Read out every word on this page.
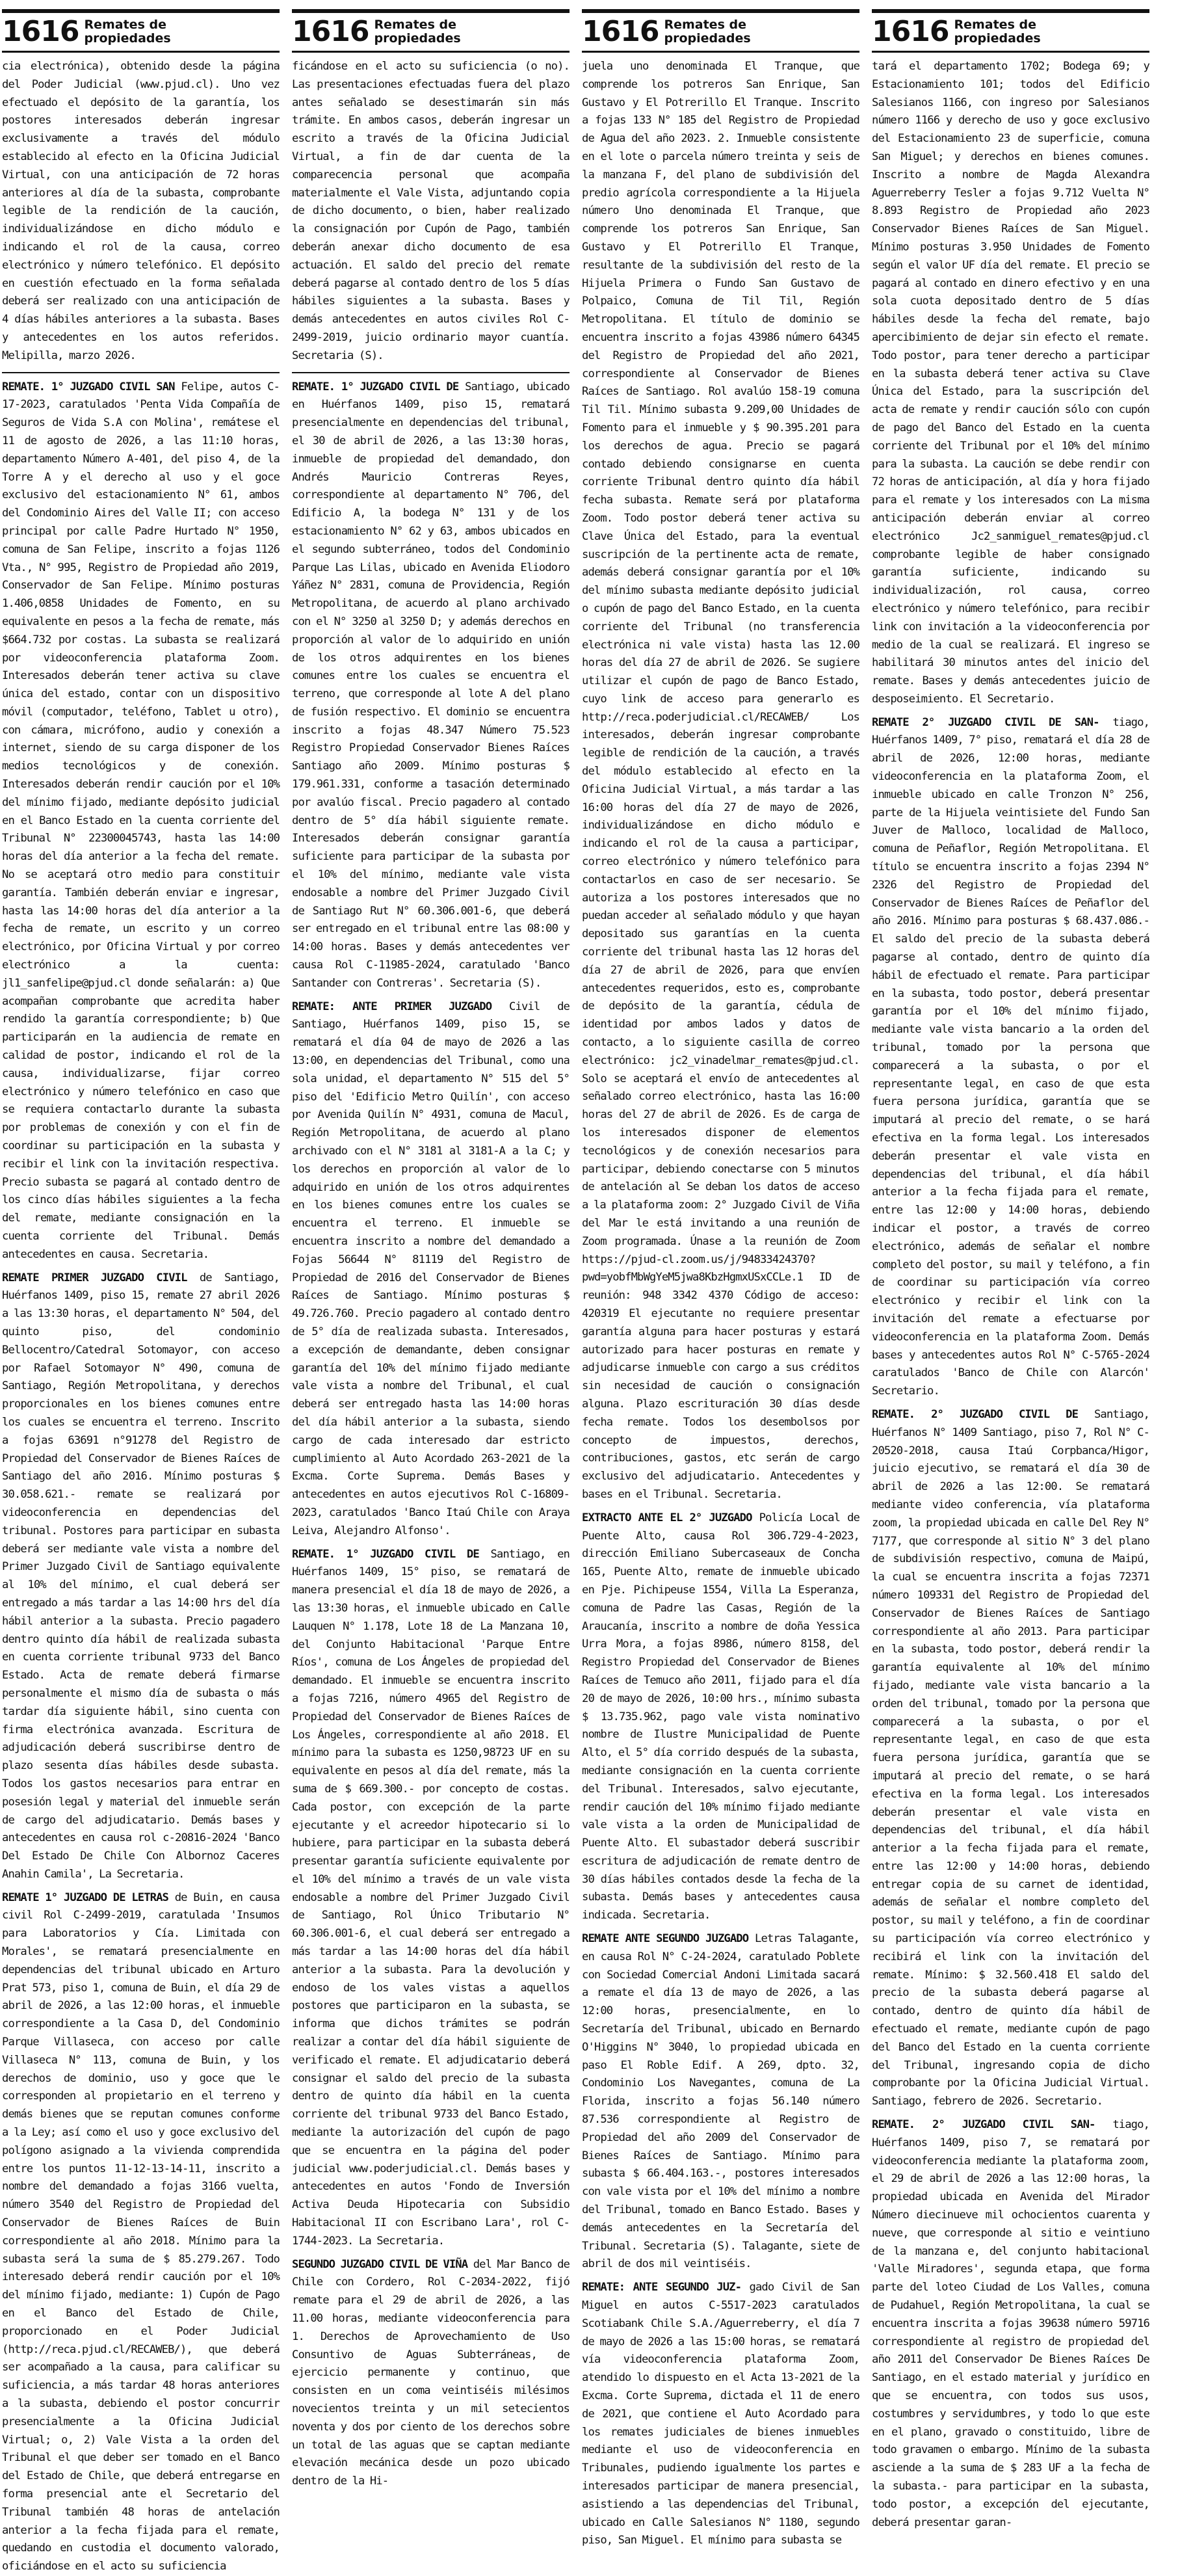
1616 Remates de
propiedades

cia electrónica), obtenido desde la página del Poder Judicial (www.pjud.cl). Uno vez efectuado el depósito de la garantía, los postores interesados deberán ingresar exclusivamente a través del módulo establecido al efecto en la Oficina Judicial Virtual, con una anticipación de 72 horas anteriores al día de la subasta, comprobante legible de la rendición de la caución, individualizándose en dicho módulo e indicando el rol de la causa, correo electrónico y número telefónico. El depósito en cuestión efectuado en la forma señalada deberá ser realizado con una anticipación de 4 días hábiles anteriores a la subasta. Bases y antecedentes en los autos referidos. Melipilla, marzo 2026.

REMATE. 1° JUZGADO CIVIL SAN Felipe, autos C-17-2023, caratulados 'Penta Vida Compañía de Seguros de Vida S.A con Molina', remátese el 11 de agosto de 2026, a las 11:10 horas, departamento Número A-401, del piso 4, de la Torre A y el derecho al uso y el goce exclusivo del estacionamiento N° 61, ambos del Condominio Aires del Valle II; con acceso principal por calle Padre Hurtado N° 1950, comuna de San Felipe, inscrito a fojas 1126 Vta., N° 995, Registro de Propiedad año 2019, Conservador de San Felipe. Mínimo posturas 1.406,0858 Unidades de Fomento, en su equivalente en pesos a la fecha de remate, más $664.732 por costas. La subasta se realizará por videoconferencia plataforma Zoom. Interesados deberán tener activa su clave única del estado, contar con un dispositivo móvil (computador, teléfono, Tablet u otro), con cámara, micrófono, audio y conexión a internet, siendo de su carga disponer de los medios tecnológicos y de conexión. Interesados deberán rendir caución por el 10% del mínimo fijado, mediante depósito judicial en el Banco Estado en la cuenta corriente del Tribunal N° 22300045743, hasta las 14:00 horas del día anterior a la fecha del remate. No se aceptará otro medio para constituir garantía. También deberán enviar e ingresar, hasta las 14:00 horas del día anterior a la fecha de remate, un escrito y un correo electrónico, por Oficina Virtual y por correo electrónico a la cuenta: jl1_sanfelipe@pjud.cl donde señalarán: a) Que acompañan comprobante que acredita haber rendido la garantía correspondiente; b) Que participarán en la audiencia de remate en calidad de postor, indicando el rol de la causa, individualizarse, fijar correo electrónico y número telefónico en caso que se requiera contactarlo durante la subasta por problemas de conexión y con el fin de coordinar su participación en la subasta y recibir el link con la invitación respectiva. Precio subasta se pagará al contado dentro de los cinco días hábiles siguientes a la fecha del remate, mediante consignación en la cuenta corriente del Tribunal. Demás antecedentes en causa. Secretaria.

REMATE PRIMER JUZGADO CIVIL de Santiago, Huérfanos 1409, piso 15, remate 27 abril 2026 a las 13:30 horas, el departamento N° 504, del quinto piso, del condominio Bellocentro/Catedral Sotomayor, con acceso por Rafael Sotomayor N° 490, comuna de Santiago, Región Metropolitana, y derechos proporcionales en los bienes comunes entre los cuales se encuentra el terreno. Inscrito a fojas 63691 n°91278 del Registro de Propiedad del Conservador de Bienes Raíces de Santiago del año 2016. Mínimo posturas $ 30.058.621.- remate se realizará por videoconferencia en dependencias del tribunal. Postores para participar en subasta deberá ser mediante vale vista a nombre del Primer Juzgado Civil de Santiago equivalente al 10% del mínimo, el cual deberá ser entregado a más tardar a las 14:00 hrs del día hábil anterior a la subasta. Precio pagadero dentro quinto día hábil de realizada subasta en cuenta corriente tribunal 9733 del Banco Estado. Acta de remate deberá firmarse personalmente el mismo día de subasta o más tardar día siguiente hábil, sino cuenta con firma electrónica avanzada. Escritura de adjudicación deberá suscribirse dentro de plazo sesenta días hábiles desde subasta. Todos los gastos necesarios para entrar en posesión legal y material del inmueble serán de cargo del adjudicatario. Demás bases y antecedentes en causa rol c-20816-2024 'Banco Del Estado De Chile Con Albornoz Caceres Anahin Camila', La Secretaria.

REMATE 1° JUZGADO DE LETRAS de Buin, en causa civil Rol C-2499-2019, caratulada 'Insumos para Laboratorios y Cía. Limitada con Morales', se rematará presencialmente en dependencias del tribunal ubicado en Arturo Prat 573, piso 1, comuna de Buin, el día 29 de abril de 2026, a las 12:00 horas, el inmueble correspondiente a la Casa D, del Condominio Parque Villaseca, con acceso por calle Villaseca N° 113, comuna de Buin, y los derechos de dominio, uso y goce que le corresponden al propietario en el terreno y demás bienes que se reputan comunes conforme a la Ley; así como el uso y goce exclusivo del polígono asignado a la vivienda comprendida entre los puntos 11-12-13-14-11, inscrito a nombre del demandado a fojas 3166 vuelta, número 3540 del Registro de Propiedad del Conservador de Bienes Raíces de Buin correspondiente al año 2018. Mínimo para la subasta será la suma de $ 85.279.267. Todo interesado deberá rendir caución por el 10% del mínimo fijado, mediante: 1) Cupón de Pago en el Banco del Estado de Chile, proporcionado en el Poder Judicial (http://reca.pjud.cl/RECAWEB/), que deberá ser acompañado a la causa, para calificar su suficiencia, a más tardar 48 horas anteriores a la subasta, debiendo el postor concurrir presencialmente a la Oficina Judicial Virtual; o, 2) Vale Vista a la orden del Tribunal el que deber ser tomado en el Banco del Estado de Chile, que deberá entregarse en forma presencial ante el Secretario del Tribunal también 48 horas de antelación anterior a la fecha fijada para el remate, quedando en custodia el documento valorado, oficiándose en el acto su suficiencia

1616 Remates de
propiedades

ficándose en el acto su suficiencia (o no). Las presentaciones efectuadas fuera del plazo antes señalado se desestimarán sin más trámite. En ambos casos, deberán ingresar un escrito a través de la Oficina Judicial Virtual, a fin de dar cuenta de la comparecencia personal que acompaña materialmente el Vale Vista, adjuntando copia de dicho documento, o bien, haber realizado la consignación por Cupón de Pago, también deberán anexar dicho documento de esa actuación. El saldo del precio del remate deberá pagarse al contado dentro de los 5 días hábiles siguientes a la subasta. Bases y demás antecedentes en autos civiles Rol C-2499-2019, juicio ordinario mayor cuantía. Secretaria (S).

REMATE. 1° JUZGADO CIVIL DE Santiago, ubicado en Huérfanos 1409, piso 15, rematará presencialmente en dependencias del tribunal, el 30 de abril de 2026, a las 13:30 horas, inmueble de propiedad del demandado, don Andrés Mauricio Contreras Reyes, correspondiente al departamento N° 706, del Edificio A, la bodega N° 131 y de los estacionamiento N° 62 y 63, ambos ubicados en el segundo subterráneo, todos del Condominio Parque Las Lilas, ubicado en Avenida Eliodoro Yáñez N° 2831, comuna de Providencia, Región Metropolitana, de acuerdo al plano archivado con el N° 3250 al 3250 D; y además derechos en proporción al valor de lo adquirido en unión de los otros adquirentes en los bienes comunes entre los cuales se encuentra el terreno, que corresponde al lote A del plano de fusión respectivo. El dominio se encuentra inscrito a fojas 48.347 Número 75.523 Registro Propiedad Conservador Bienes Raíces Santiago año 2009. Mínimo posturas $ 179.961.331, conforme a tasación determinado por avalúo fiscal. Precio pagadero al contado dentro de 5° día hábil siguiente remate. Interesados deberán consignar garantía suficiente para participar de la subasta por el 10% del mínimo, mediante vale vista endosable a nombre del Primer Juzgado Civil de Santiago Rut N° 60.306.001-6, que deberá ser entregado en el tribunal entre las 08:00 y 14:00 horas. Bases y demás antecedentes ver causa Rol C-11985-2024, caratulado 'Banco Santander con Contreras'. Secretaria (S).

REMATE: ANTE PRIMER JUZGADO Civil de Santiago, Huérfanos 1409, piso 15, se rematará el día 04 de mayo de 2026 a las 13:00, en dependencias del Tribunal, como una sola unidad, el departamento N° 515 del 5° piso del 'Edificio Metro Quilín', con acceso por Avenida Quilín N° 4931, comuna de Macul, Región Metropolitana, de acuerdo al plano archivado con el N° 3181 al 3181-A a la C; y los derechos en proporción al valor de lo adquirido en unión de los otros adquirentes en los bienes comunes entre los cuales se encuentra el terreno. El inmueble se encuentra inscrito a nombre del demandado a Fojas 56644 N° 81119 del Registro de Propiedad de 2016 del Conservador de Bienes Raíces de Santiago. Mínimo posturas $ 49.726.760. Precio pagadero al contado dentro de 5° día de realizada subasta. Interesados, a excepción de demandante, deben consignar garantía del 10% del mínimo fijado mediante vale vista a nombre del Tribunal, el cual deberá ser entregado hasta las 14:00 horas del día hábil anterior a la subasta, siendo cargo de cada interesado dar estricto cumplimiento al Auto Acordado 263-2021 de la Excma. Corte Suprema. Demás Bases y antecedentes en autos ejecutivos Rol C-16809-2023, caratulados 'Banco Itaú Chile con Araya Leiva, Alejandro Alfonso'.

REMATE. 1° JUZGADO CIVIL DE Santiago, en Huérfanos 1409, 15° piso, se rematará de manera presencial el día 18 de mayo de 2026, a las 13:30 horas, el inmueble ubicado en Calle Lauquen N° 1.178, Lote 18 de La Manzana 10, del Conjunto Habitacional 'Parque Entre Ríos', comuna de Los Ángeles de propiedad del demandado. El inmueble se encuentra inscrito a fojas 7216, número 4965 del Registro de Propiedad del Conservador de Bienes Raíces de Los Ángeles, correspondiente al año 2018. El mínimo para la subasta es 1250,98723 UF en su equivalente en pesos al día del remate, más la suma de $ 669.300.- por concepto de costas. Cada postor, con excepción de la parte ejecutante y el acreedor hipotecario si lo hubiere, para participar en la subasta deberá presentar garantía suficiente equivalente por el 10% del mínimo a través de un vale vista endosable a nombre del Primer Juzgado Civil de Santiago, Rol Único Tributario N° 60.306.001-6, el cual deberá ser entregado a más tardar a las 14:00 horas del día hábil anterior a la subasta. Para la devolución y endoso de los vales vistas a aquellos postores que participaron en la subasta, se informa que dichos trámites se podrán realizar a contar del día hábil siguiente de verificado el remate. El adjudicatario deberá consignar el saldo del precio de la subasta dentro de quinto día hábil en la cuenta corriente del tribunal 9733 del Banco Estado, mediante la autorización del cupón de pago que se encuentra en la página del poder judicial www.poderjudicial.cl. Demás bases y antecedentes en autos 'Fondo de Inversión Activa Deuda Hipotecaria con Subsidio Habitacional II con Escribano Lara', rol C-1744-2023. La Secretaria.

SEGUNDO JUZGADO CIVIL DE VIÑA del Mar Banco de Chile con Cordero, Rol C-2034-2022, fijó remate para el 29 de abril de 2026, a las 11.00 horas, mediante videoconferencia para 1. Derechos de Aprovechamiento de Uso Consuntivo de Aguas Subterráneas, de ejercicio permanente y continuo, que consisten en un coma veintiséis milésimos novecientos treinta y un mil setecientos noventa y dos por ciento de los derechos sobre un total de las aguas que se captan mediante elevación mecánica desde un pozo ubicado dentro de la Hi-

1616 Remates de
propiedades

juela uno denominada El Tranque, que comprende los potreros San Enrique, San Gustavo y El Potrerillo El Tranque. Inscrito a fojas 133 N° 185 del Registro de Propiedad de Agua del año 2023. 2. Inmueble consistente en el lote o parcela número treinta y seis de la manzana F, del plano de subdivisión del predio agrícola correspondiente a la Hijuela número Uno denominada El Tranque, que comprende los potreros San Enrique, San Gustavo y El Potrerillo El Tranque, resultante de la subdivisión del resto de la Hijuela Primera o Fundo San Gustavo de Polpaico, Comuna de Til Til, Región Metropolitana. El título de dominio se encuentra inscrito a fojas 43986 número 64345 del Registro de Propiedad del año 2021, correspondiente al Conservador de Bienes Raíces de Santiago. Rol avalúo 158-19 comuna Til Til. Mínimo subasta 9.209,00 Unidades de Fomento para el inmueble y $ 90.395.201 para los derechos de agua. Precio se pagará contado debiendo consignarse en cuenta corriente Tribunal dentro quinto día hábil fecha subasta. Remate será por plataforma Zoom. Todo postor deberá tener activa su Clave Única del Estado, para la eventual suscripción de la pertinente acta de remate, además deberá consignar garantía por el 10% del mínimo subasta mediante depósito judicial o cupón de pago del Banco Estado, en la cuenta corriente del Tribunal (no transferencia electrónica ni vale vista) hasta las 12.00 horas del día 27 de abril de 2026. Se sugiere utilizar el cupón de pago de Banco Estado, cuyo link de acceso para generarlo es http://reca.poderjudicial.cl/RECAWEB/ Los interesados, deberán ingresar comprobante legible de rendición de la caución, a través del módulo establecido al efecto en la Oficina Judicial Virtual, a más tardar a las 16:00 horas del día 27 de mayo de 2026, individualizándose en dicho módulo e indicando el rol de la causa a participar, correo electrónico y número telefónico para contactarlos en caso de ser necesario. Se autoriza a los postores interesados que no puedan acceder al señalado módulo y que hayan depositado sus garantías en la cuenta corriente del tribunal hasta las 12 horas del día 27 de abril de 2026, para que envíen antecedentes requeridos, esto es, comprobante de depósito de la garantía, cédula de identidad por ambos lados y datos de contacto, a lo siguiente casilla de correo electrónico: jc2_vinadelmar_remates@pjud.cl. Solo se aceptará el envío de antecedentes al señalado correo electrónico, hasta las 16:00 horas del 27 de abril de 2026. Es de carga de los interesados disponer de elementos tecnológicos y de conexión necesarios para participar, debiendo conectarse con 5 minutos de antelación al Se deban los datos de acceso a la plataforma zoom: 2° Juzgado Civil de Viña del Mar le está invitando a una reunión de Zoom programada. Únase a la reunión de Zoom https://pjud-cl.zoom.us/j/94833424370?pwd=yobfMbWgYeM5jwa8KbzHgmxUSxCCLe.1 ID de reunión: 948 3342 4370 Código de acceso: 420319 El ejecutante no requiere presentar garantía alguna para hacer posturas y estará autorizado para hacer posturas en remate y adjudicarse inmueble con cargo a sus créditos sin necesidad de caución o consignación alguna. Plazo escrituración 30 días desde fecha remate. Todos los desembolsos por concepto de impuestos, derechos, contribuciones, gastos, etc serán de cargo exclusivo del adjudicatario. Antecedentes y bases en el Tribunal. Secretaria.

EXTRACTO ANTE EL 2° JUZGADO Policía Local de Puente Alto, causa Rol 306.729-4-2023, dirección Emiliano Subercaseaux de Concha 165, Puente Alto, remate de inmueble ubicado en Pje. Pichipeuse 1554, Villa La Esperanza, comuna de Padre las Casas, Región de la Araucanía, inscrito a nombre de doña Yessica Urra Mora, a fojas 8986, número 8158, del Registro Propiedad del Conservador de Bienes Raíces de Temuco año 2011, fijado para el día 20 de mayo de 2026, 10:00 hrs., mínimo subasta $ 13.735.962, pago vale vista nominativo nombre de Ilustre Municipalidad de Puente Alto, el 5° día corrido después de la subasta, mediante consignación en la cuenta corriente del Tribunal. Interesados, salvo ejecutante, rendir caución del 10% mínimo fijado mediante vale vista a la orden de Municipalidad de Puente Alto. El subastador deberá suscribir escritura de adjudicación de remate dentro de 30 días hábiles contados desde la fecha de la subasta. Demás bases y antecedentes causa indicada. Secretaria.

REMATE ANTE SEGUNDO JUZGADO Letras Talagante, en causa Rol N° C-24-2024, caratulado Poblete con Sociedad Comercial Andoni Limitada sacará a remate el día 13 de mayo de 2026, a las 12:00 horas, presencialmente, en lo Secretaría del Tribunal, ubicado en Bernardo O'Higgins N° 3040, lo propiedad ubicada en paso El Roble Edif. A 269, dpto. 32, Condominio Los Navegantes, comuna de La Florida, inscrito a fojas 56.140 número 87.536 correspondiente al Registro de Propiedad del año 2009 del Conservador de Bienes Raíces de Santiago. Mínimo para subasta $ 66.404.163.-, postores interesados con vale vista por el 10% del mínimo a nombre del Tribunal, tomado en Banco Estado. Bases y demás antecedentes en la Secretaría del Tribunal. Secretaria (S). Talagante, siete de abril de dos mil veintiséis.

REMATE: ANTE SEGUNDO JUZ- gado Civil de San Miguel en autos C-5517-2023 caratulados Scotiabank Chile S.A./Aguerreberry, el día 7 de mayo de 2026 a las 15:00 horas, se rematará vía videoconferencia plataforma Zoom, atendido lo dispuesto en el Acta 13-2021 de la Excma. Corte Suprema, dictada el 11 de enero de 2021, que contiene el Auto Acordado para los remates judiciales de bienes inmuebles mediante el uso de videoconferencia en Tribunales, pudiendo igualmente los partes e interesados participar de manera presencial, asistiendo a las dependencias del Tribunal, ubicado en Calle Salesianos N° 1180, segundo piso, San Miguel. El mínimo para subasta se

1616 Remates de
propiedades

tará el departamento 1702; Bodega 69; y Estacionamiento 101; todos del Edificio Salesianos 1166, con ingreso por Salesianos número 1166 y derecho de uso y goce exclusivo del Estacionamiento 23 de superficie, comuna San Miguel; y derechos en bienes comunes. Inscrito a nombre de Magda Alexandra Aguerreberry Tesler a fojas 9.712 Vuelta N° 8.893 Registro de Propiedad año 2023 Conservador Bienes Raíces de San Miguel. Mínimo posturas 3.950 Unidades de Fomento según el valor UF día del remate. El precio se pagará al contado en dinero efectivo y en una sola cuota depositado dentro de 5 días hábiles desde la fecha del remate, bajo apercibimiento de dejar sin efecto el remate. Todo postor, para tener derecho a participar en la subasta deberá tener activa su Clave Única del Estado, para la suscripción del acta de remate y rendir caución sólo con cupón de pago del Banco del Estado en la cuenta corriente del Tribunal por el 10% del mínimo para la subasta. La caución se debe rendir con 72 horas de anticipación, al día y hora fijado para el remate y los interesados con La misma anticipación deberán enviar al correo electrónico Jc2_sanmiguel_remates@pjud.cl comprobante legible de haber consignado garantía suficiente, indicando su individualización, rol causa, correo electrónico y número telefónico, para recibir link con invitación a la videoconferencia por medio de la cual se realizará. El ingreso se habilitará 30 minutos antes del inicio del remate. Bases y demás antecedentes juicio de desposeimiento. El Secretario.

REMATE 2° JUZGADO CIVIL DE SAN- tiago, Huérfanos 1409, 7° piso, rematará el día 28 de abril de 2026, 12:00 horas, mediante videoconferencia en la plataforma Zoom, el inmueble ubicado en calle Tronzon N° 256, parte de la Hijuela veintisiete del Fundo San Juver de Malloco, localidad de Malloco, comuna de Peñaflor, Región Metropolitana. El título se encuentra inscrito a fojas 2394 N° 2326 del Registro de Propiedad del Conservador de Bienes Raíces de Peñaflor del año 2016. Mínimo para posturas $ 68.437.086.- El saldo del precio de la subasta deberá pagarse al contado, dentro de quinto día hábil de efectuado el remate. Para participar en la subasta, todo postor, deberá presentar garantía por el 10% del mínimo fijado, mediante vale vista bancario a la orden del tribunal, tomado por la persona que comparecerá a la subasta, o por el representante legal, en caso de que esta fuera persona jurídica, garantía que se imputará al precio del remate, o se hará efectiva en la forma legal. Los interesados deberán presentar el vale vista en dependencias del tribunal, el día hábil anterior a la fecha fijada para el remate, entre las 12:00 y 14:00 horas, debiendo indicar el postor, a través de correo electrónico, además de señalar el nombre completo del postor, su mail y teléfono, a fin de coordinar su participación vía correo electrónico y recibir el link con la invitación del remate a efectuarse por videoconferencia en la plataforma Zoom. Demás bases y antecedentes autos Rol N° C-5765-2024 caratulados 'Banco de Chile con Alarcón' Secretario.

REMATE. 2° JUZGADO CIVIL DE Santiago, Huérfanos N° 1409 Santiago, piso 7, Rol N° C-20520-2018, causa Itaú Corpbanca/Higor, juicio ejecutivo, se rematará el día 30 de abril de 2026 a las 12:00. Se rematará mediante video conferencia, vía plataforma zoom, la propiedad ubicada en calle Del Rey N° 7177, que corresponde al sitio N° 3 del plano de subdivisión respectivo, comuna de Maipú, la cual se encuentra inscrita a fojas 72371 número 109331 del Registro de Propiedad del Conservador de Bienes Raíces de Santiago correspondiente al año 2013. Para participar en la subasta, todo postor, deberá rendir la garantía equivalente al 10% del mínimo fijado, mediante vale vista bancario a la orden del tribunal, tomado por la persona que comparecerá a la subasta, o por el representante legal, en caso de que esta fuera persona jurídica, garantía que se imputará al precio del remate, o se hará efectiva en la forma legal. Los interesados deberán presentar el vale vista en dependencias del tribunal, el día hábil anterior a la fecha fijada para el remate, entre las 12:00 y 14:00 horas, debiendo entregar copia de su carnet de identidad, además de señalar el nombre completo del postor, su mail y teléfono, a fin de coordinar su participación vía correo electrónico y recibirá el link con la invitación del remate. Mínimo: $ 32.560.418 El saldo del precio de la subasta deberá pagarse al contado, dentro de quinto día hábil de efectuado el remate, mediante cupón de pago del Banco del Estado en la cuenta corriente del Tribunal, ingresando copia de dicho comprobante por la Oficina Judicial Virtual. Santiago, febrero de 2026. Secretario.

REMATE. 2° JUZGADO CIVIL SAN- tiago, Huérfanos 1409, piso 7, se rematará por videoconferencia mediante la plataforma zoom, el 29 de abril de 2026 a las 12:00 horas, la propiedad ubicada en Avenida del Mirador Número diecinueve mil ochocientos cuarenta y nueve, que corresponde al sitio e veintiuno de la manzana e, del conjunto habitacional 'Valle Miradores', segunda etapa, que forma parte del loteo Ciudad de Los Valles, comuna de Pudahuel, Región Metropolitana, la cual se encuentra inscrita a fojas 39638 número 59716 correspondiente al registro de propiedad del año 2011 del Conservador De Bienes Raíces De Santiago, en el estado material y jurídico en que se encuentra, con todos sus usos, costumbres y servidumbres, y todo lo que este en el plano, gravado o constituido, libre de todo gravamen o embargo. Mínimo de la subasta asciende a la suma de $ 283 UF a la fecha de la subasta.- para participar en la subasta, todo postor, a excepción del ejecutante, deberá presentar garan-
